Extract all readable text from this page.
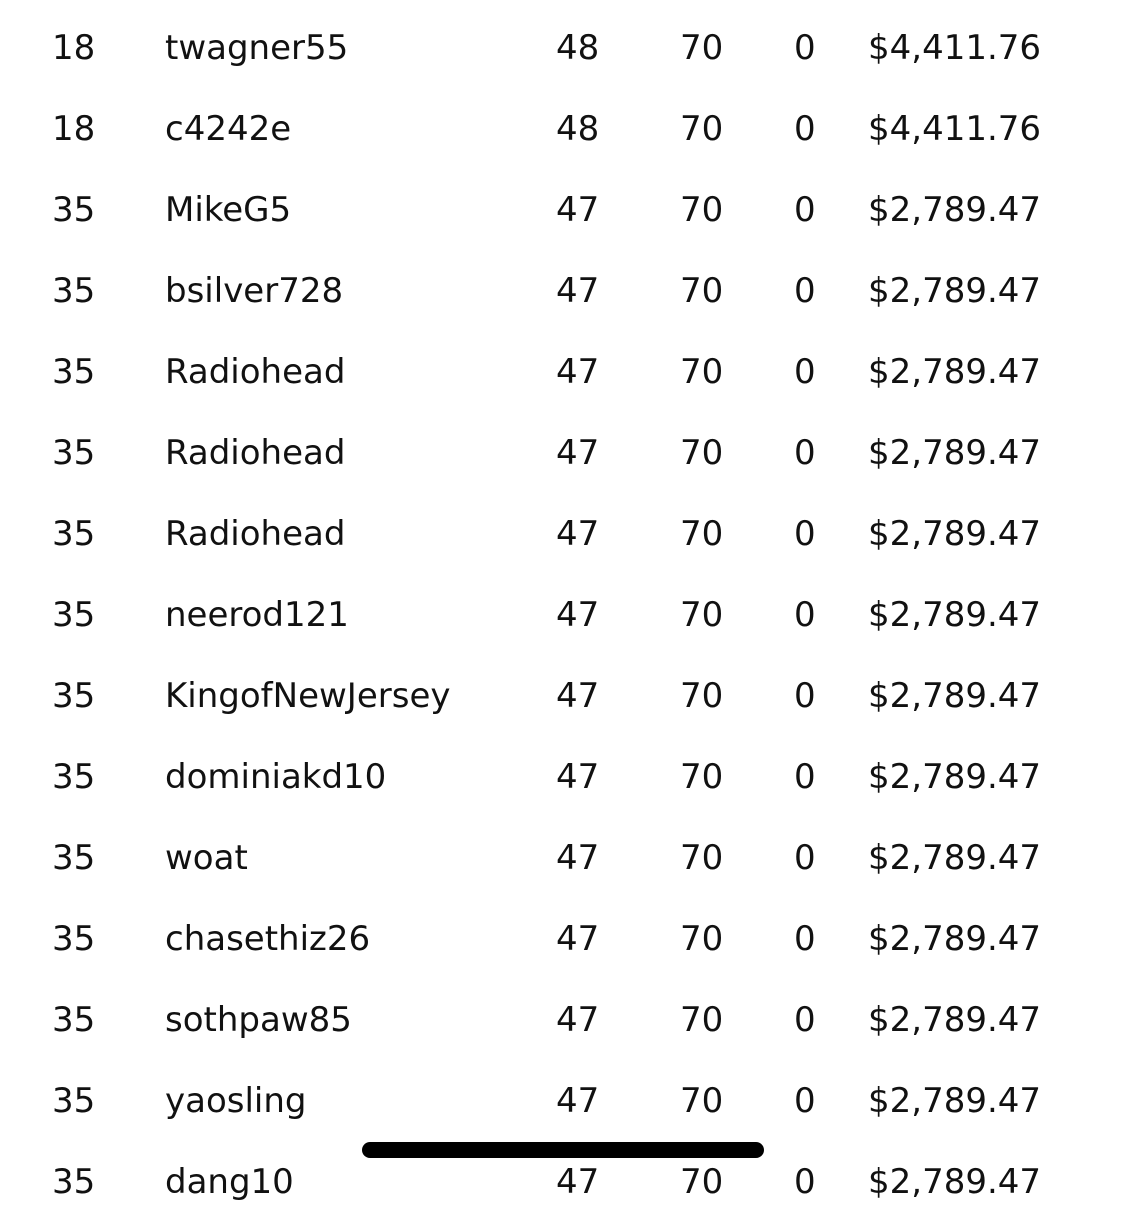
18 twagner55	48 70 0 $4,411.76
18 c4242e	48 70 0 $4,411.76
35 MikeG5	47 70 0 $2,789.47
35 bsilver728	47 70 0 $2,789.47
35 Radiohead	47 70 0 $2,789.47
35 Radiohead	47 70 0 $2,789.47
35 Radiohead	47 70 0 $2,789.47
35 neerod121	47 70 0 $2,789.47
35 KingofNewJersey	47 70 0 $2,789.47
35 dominiakd10	47 70 0 $2,789.47
35 woat	47 70 0 $2,789.47
35 chasethiz26	47 70 0 $2,789.47
35 sothpaw85	47 70 0 $2,789.47
35 yaosling	47 70 0 $2,789.47
35 dang10	47 70 0 $2,789.47
